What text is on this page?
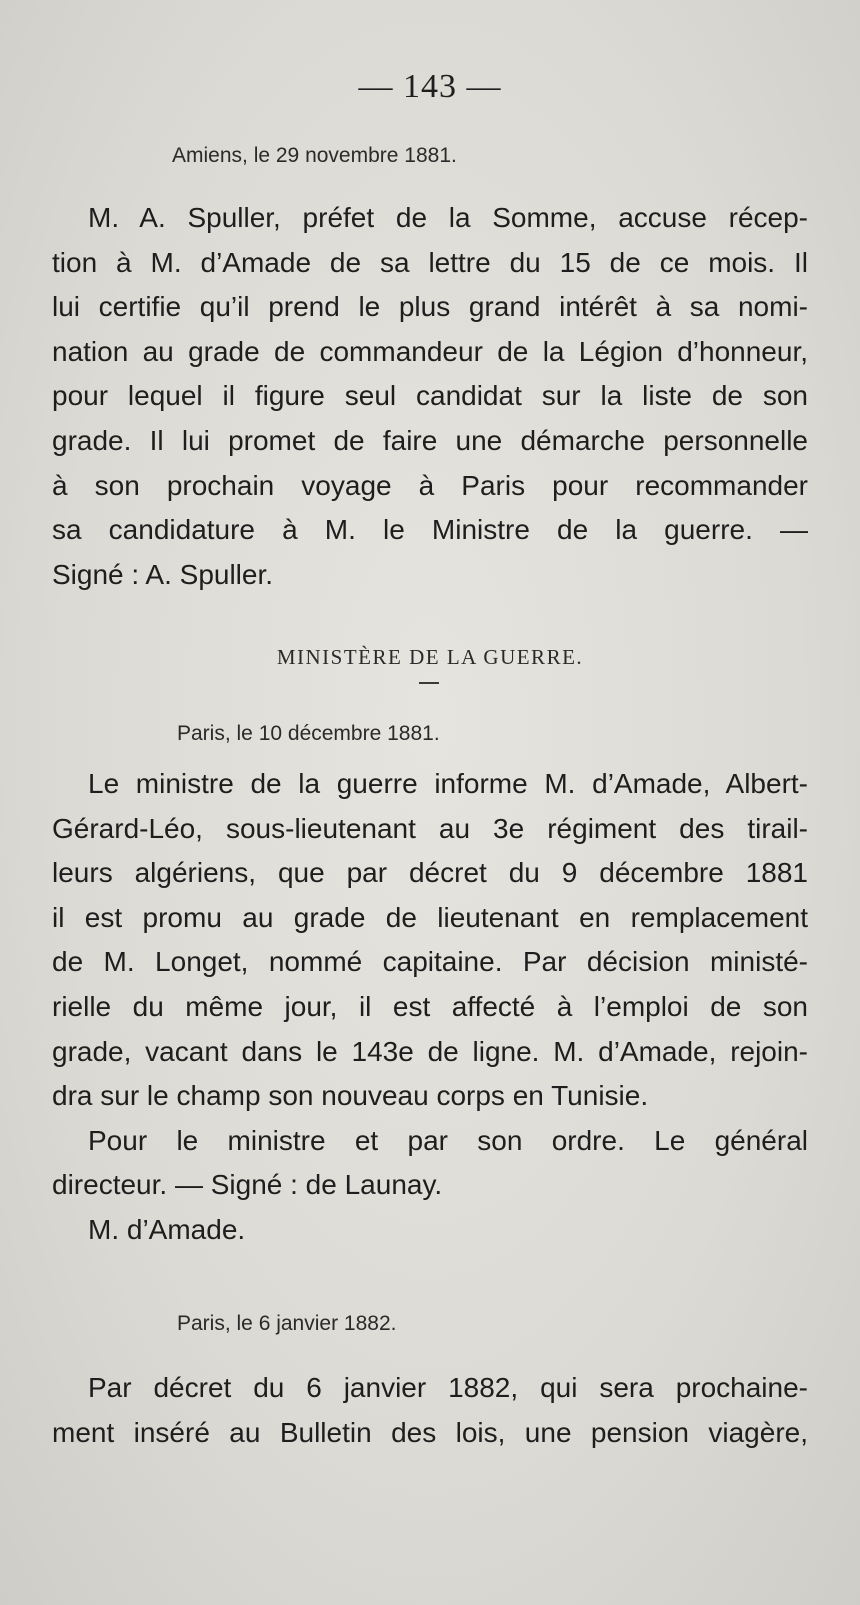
— 143 —
Amiens, le 29 novembre 1881.
M. A. Spuller, préfet de la Somme, accuse récep-
tion à M. d’Amade de sa lettre du 15 de ce mois. Il
lui certifie qu’il prend le plus grand intérêt à sa nomi-
nation au grade de commandeur de la Légion d’honneur,
pour lequel il figure seul candidat sur la liste de son
grade. Il lui promet de faire une démarche personnelle
à son prochain voyage à Paris pour recommander
sa candidature à M. le Ministre de la guerre. —
Signé : A. Spuller.
MINISTÈRE DE LA GUERRE.
Paris, le 10 décembre 1881.
Le ministre de la guerre informe M. d’Amade, Albert-
Gérard-Léo, sous-lieutenant au 3e régiment des tirail-
leurs algériens, que par décret du 9 décembre 1881
il est promu au grade de lieutenant en remplacement
de M. Longet, nommé capitaine. Par décision ministé-
rielle du même jour, il est affecté à l’emploi de son
grade, vacant dans le 143e de ligne. M. d’Amade, rejoin-
dra sur le champ son nouveau corps en Tunisie.
Pour le ministre et par son ordre. Le général
directeur. — Signé : de Launay.
M. d’Amade.
Paris, le 6 janvier 1882.
Par décret du 6 janvier 1882, qui sera prochaine-
ment inséré au Bulletin des lois, une pension viagère,
